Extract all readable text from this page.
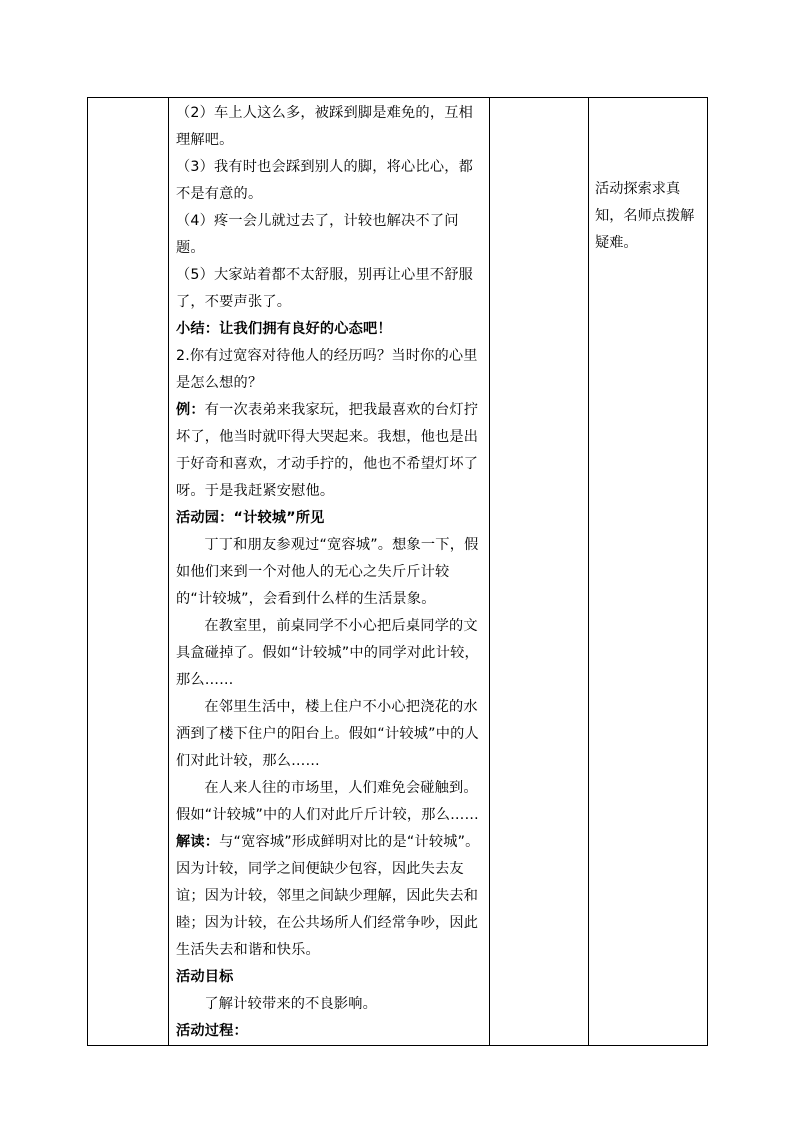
（2）车上人这么多，被踩到脚是难免的，互相理解吧。

（3）我有时也会踩到别人的脚，将心比心，都不是有意的。

（4）疼一会儿就过去了，计较也解决不了问题。

（5）大家站着都不太舒服，别再让心里不舒服了，不要声张了。

小结：让我们拥有良好的心态吧！

2.你有过宽容对待他人的经历吗？当时你的心里是怎么想的？

例：有一次表弟来我家玩，把我最喜欢的台灯拧坏了，他当时就吓得大哭起来。我想，他也是出于好奇和喜欢，才动手拧的，他也不希望灯坏了呀。于是我赶紧安慰他。

活动园：“计较城”所见

丁丁和朋友参观过“宽容城”。想象一下，假如他们来到一个对他人的无心之失斤斤计较的“计较城”，会看到什么样的生活景象。

在教室里，前桌同学不小心把后桌同学的文具盒碰掉了。假如“计较城”中的同学对此计较，那么……

在邻里生活中，楼上住户不小心把浇花的水洒到了楼下住户的阳台上。假如“计较城”中的人们对此计较，那么……

在人来人往的市场里，人们难免会碰触到。假如“计较城”中的人们对此斤斤计较，那么……

解读：与“宽容城”形成鲜明对比的是“计较城”。因为计较，同学之间便缺少包容，因此失去友谊；因为计较，邻里之间缺少理解，因此失去和睦；因为计较，在公共场所人们经常争吵，因此生活失去和谐和快乐。

活动目标

了解计较带来的不良影响。

活动过程：

活动探索求真知，名师点拨解疑难。
